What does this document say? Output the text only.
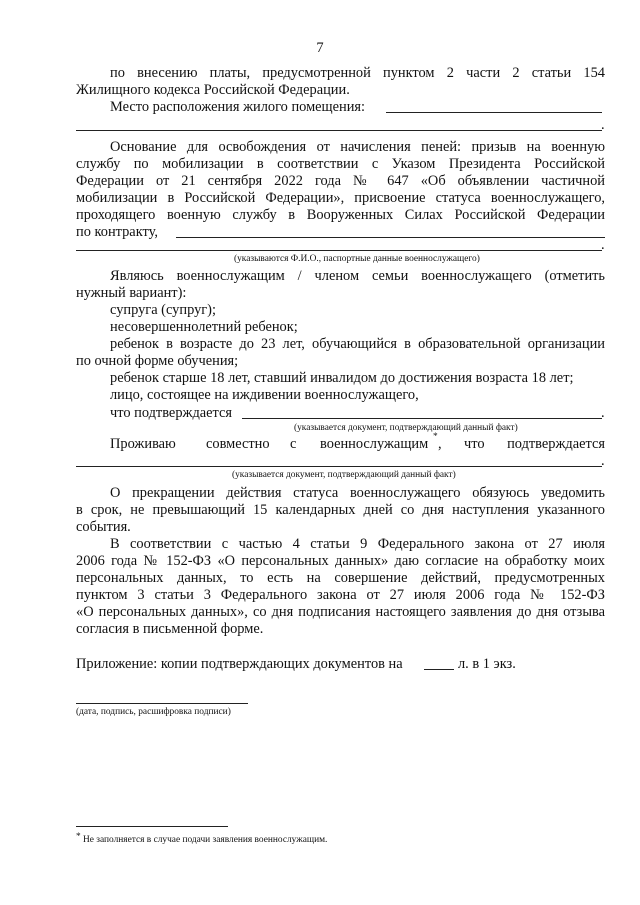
7
по внесению платы, предусмотренной пунктом 2 части 2 статьи 154
Жилищного кодекса Российской Федерации.
Место расположения жилого помещения:
.
Основание для освобождения от начисления пеней: призыв на военную
службу по мобилизации в соответствии с Указом Президента Российской
Федерации от 21 сентября 2022 года № 647 «Об объявлении частичной
мобилизации в Российской Федерации», присвоение статуса военнослужащего,
проходящего военную службу в Вооруженных Силах Российской Федерации
по контракту,
.
(указываются Ф.И.О., паспортные данные военнослужащего)
Являюсь военнослужащим / членом семьи военнослужащего (отметить
нужный вариант):
супруга (супруг);
несовершеннолетний ребенок;
ребенок в возрасте до 23 лет, обучающийся в образовательной организации
по очной форме обучения;
ребенок старше 18 лет, ставший инвалидом до достижения возраста 18 лет;
лицо, состоящее на иждивении военнослужащего,
что подтверждается	.
(указывается документ, подтверждающий данный факт)
Проживаю	совместно	с	военнослужащим * ,	что	подтверждается
.
(указывается документ, подтверждающий данный факт)
О прекращении действия статуса военнослужащего обязуюсь уведомить
в срок, не превышающий 15 календарных дней со дня наступления указанного
события.
В соответствии с частью 4 статьи 9 Федерального закона от 27 июля
2006 года № 152-ФЗ «О персональных данных» даю согласие на обработку моих
персональных данных, то есть на совершение действий, предусмотренных
пунктом 3 статьи 3 Федерального закона от 27 июля 2006 года № 152-ФЗ
«О персональных данных», со дня подписания настоящего заявления до дня отзыва
согласия в письменной форме.
Приложение: копии подтверждающих документов на	л. в 1 экз.
(дата, подпись, расшифровка подписи)
* Не заполняется в случае подачи заявления военнослужащим.
